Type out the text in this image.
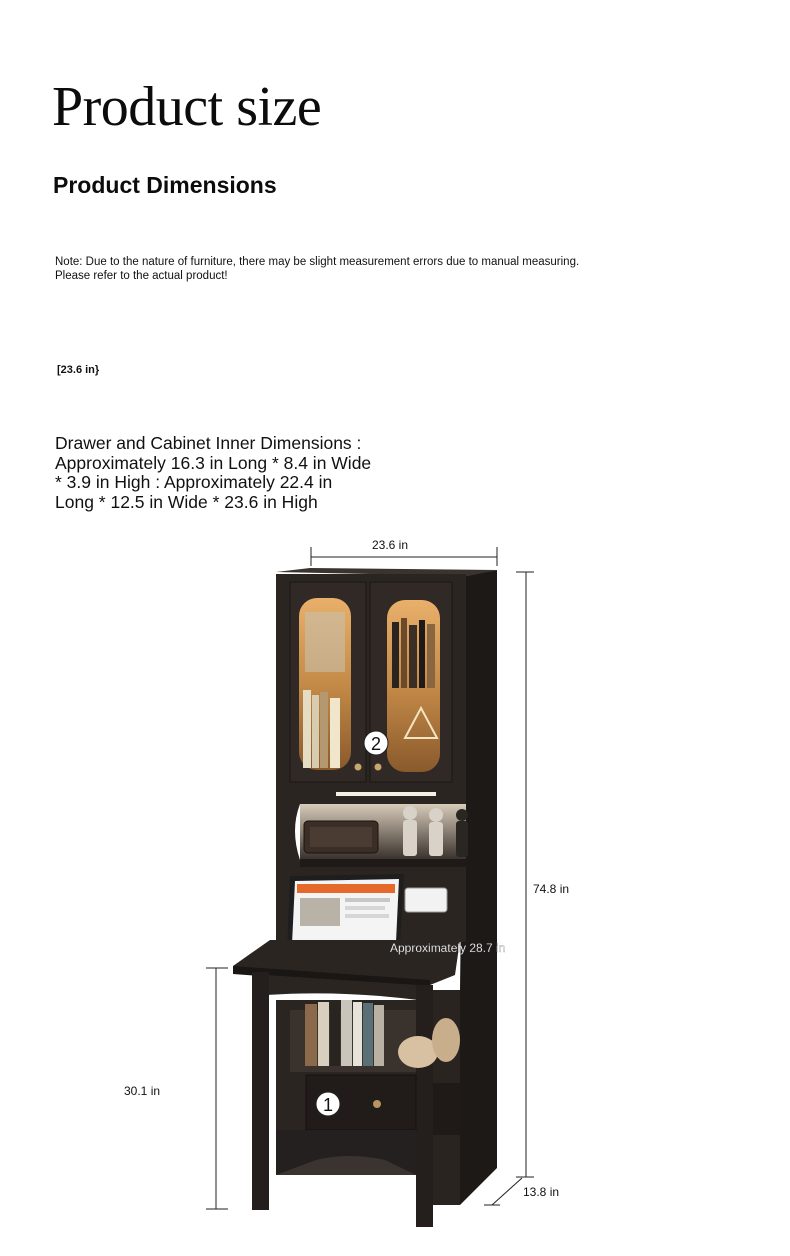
Product size
Product Dimensions
Note: Due to the nature of furniture, there may be slight measurement errors due to manual measuring.
Please refer to the actual product!
[23.6 in}
Drawer and Cabinet Inner Dimensions :
Approximately 16.3 in Long * 8.4 in Wide
* 3.9 in High : Approximately 22.4 in
Long * 12.5 in Wide * 23.6 in High
2
1
23.6 in
74.8 in
30.1 in
13.8 in
Approximately 28.7 in
